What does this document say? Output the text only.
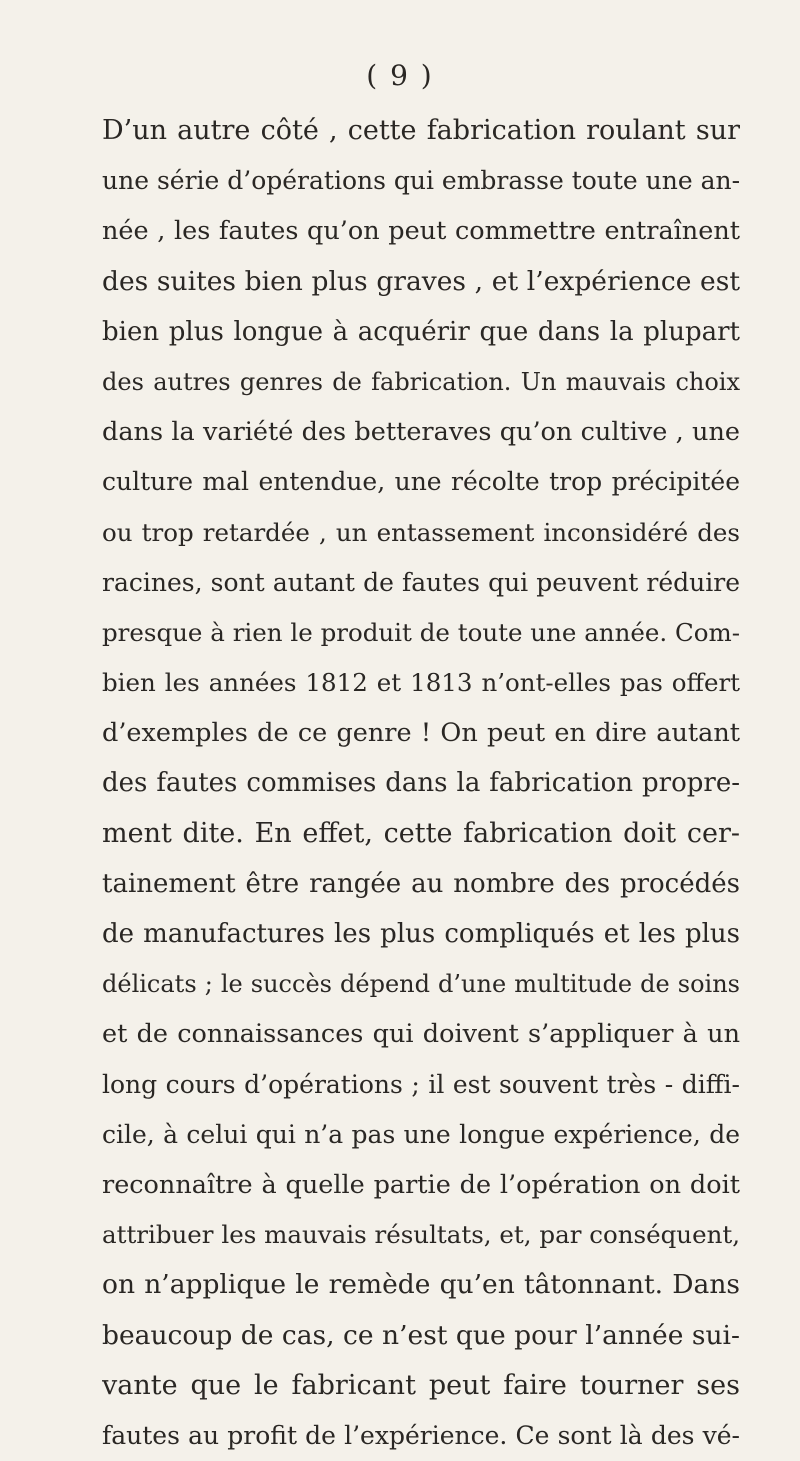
( 9 )
D’un autre côté , cette fabrication roulant sur
une série d’opérations qui embrasse toute une an-
née , les fautes qu’on peut commettre entraînent
des suites bien plus graves , et l’expérience est
bien plus longue à acquérir que dans la plupart
des autres genres de fabrication. Un mauvais choix
dans la variété des betteraves qu’on cultive , une
culture mal entendue, une récolte trop précipitée
ou trop retardée , un entassement inconsidéré des
racines, sont autant de fautes qui peuvent réduire
presque à rien le produit de toute une année. Com-
bien les années 1812 et 1813 n’ont-elles pas offert
d’exemples de ce genre ! On peut en dire autant
des fautes commises dans la fabrication propre-
ment dite. En effet, cette fabrication doit cer-
tainement être rangée au nombre des procédés
de manufactures les plus compliqués et les plus
délicats ; le succès dépend d’une multitude de soins
et de connaissances qui doivent s’appliquer à un
long cours d’opérations ; il est souvent très - diffi-
cile, à celui qui n’a pas une longue expérience, de
reconnaître à quelle partie de l’opération on doit
attribuer les mauvais résultats, et, par conséquent,
on n’applique le remède qu’en tâtonnant. Dans
beaucoup de cas, ce n’est que pour l’année sui-
vante que le fabricant peut faire tourner ses
fautes au profit de l’expérience. Ce sont là des vé-
